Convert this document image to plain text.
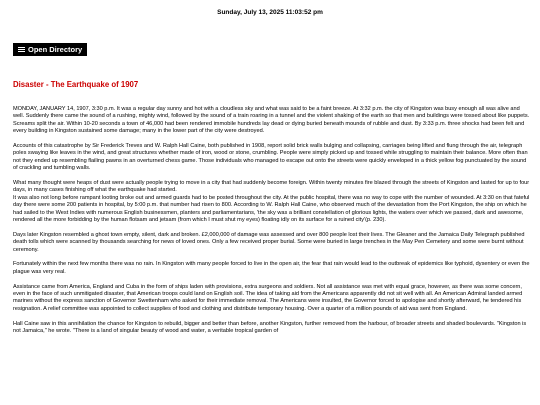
Sunday, July 13, 2025 11:03:52 pm
Open Directory
Disaster - The Earthquake of 1907

MONDAY, JANUARY 14, 1907, 3:30 p.m. It was a regular day sunny and hot with a cloudless sky and what was said to be a faint breeze. At 3:32 p.m. the city of Kingston was busy enough all was alive and well. Suddenly there came the sound of a rushing, mighty wind, followed by the sound of a train roaring in a tunnel and the violent shaking of the earth so that men and buildings were tossed about like puppets. Screams split the air. Within 10-20 seconds a town of 46,000 had been rendered immobile hundreds lay dead or dying buried beneath mounds of rubble and dust. By 3:33 p.m. three shocks had been felt and every building in Kingston sustained some damage; many in the lower part of the city were destroyed.

Accounts of this catastrophe by Sir Frederick Treves and W. Ralph Hall Caine, both published in 1908, report solid brick walls bulging and collapsing, carriages being lifted and flung through the air, telegraph poles swaying like leaves in the wind, and great structures whether made of iron, wood or stone, crumbling. People were simply picked up and tossed while struggling to maintain their balance. More often than not they ended up resembling flailing pawns in an overturned chess game. Those individuals who managed to escape out onto the streets were quickly enveloped in a thick yellow fog punctuated by the sound of crackling and tumbling walls.

What many thought were heaps of dust were actually people trying to move in a city that had suddenly become foreign. Within twenty minutes fire blazed through the streets of Kingston and lasted for up to four days, in many cases finishing off what the earthquake had started.
It was also not long before rampant looting broke out and armed guards had to be posted throughout the city. At the public hospital, there was no way to cope with the number of wounded. At 3:30 on that fateful day there were some 200 patients in hospital, by 5:00 p.m. that number had risen to 800. According to W. Ralph Hall Caine, who observed much of the devastation from the Port Kingston, the ship on which he had sailed to the West Indies with numerous English businessmen, planters and parliamentarians, 'the sky was a brilliant constellation of glorious lights, the waters over which we passed, dark and awesome, rendered all the more forbidding by the human flotsam and jetsam (from which I must shut my eyes) floating idly on its surface for a ruined city'(p. 230).

Days later Kingston resembled a ghost town empty, silent, dark and broken. £2,000,000 of damage was assessed and over 800 people lost their lives. The Gleaner and the Jamaica Daily Telegraph published death tolls which were scanned by thousands searching for news of loved ones. Only a few received proper burial. Some were buried in large trenches in the May Pen Cemetery and some were burnt without ceremony.

Fortunately within the next few months there was no rain. In Kingston with many people forced to live in the open air, the fear that rain would lead to the outbreak of epidemics like typhoid, dysentery or even the plague was very real.

Assistance came from America, England and Cuba in the form of ships laden with provisions, extra surgeons and soldiers. Not all assistance was met with equal grace, however, as there was some concern, even in the face of such unmitigated disaster, that American troops could land on English soil. The idea of taking aid from the Americans apparently did not sit well with all. An American Admiral landed armed marines without the express sanction of Governor Swettenham who asked for their immediate removal. The Americans were insulted, the Governor forced to apologise and shortly afterward, he tendered his resignation. A relief committee was appointed to collect supplies of food and clothing and distribute temporary housing. Over a quarter of a million pounds of aid was sent from England.

Hall Caine saw in this annihilation the chance for Kingston to rebuild, bigger and better than before, another Kingston, further removed from the harbour, of broader streets and shaded boulevards. "Kingston is not Jamaica," he wrote. "There is a land of singular beauty of wood and water, a veritable tropical garden of
